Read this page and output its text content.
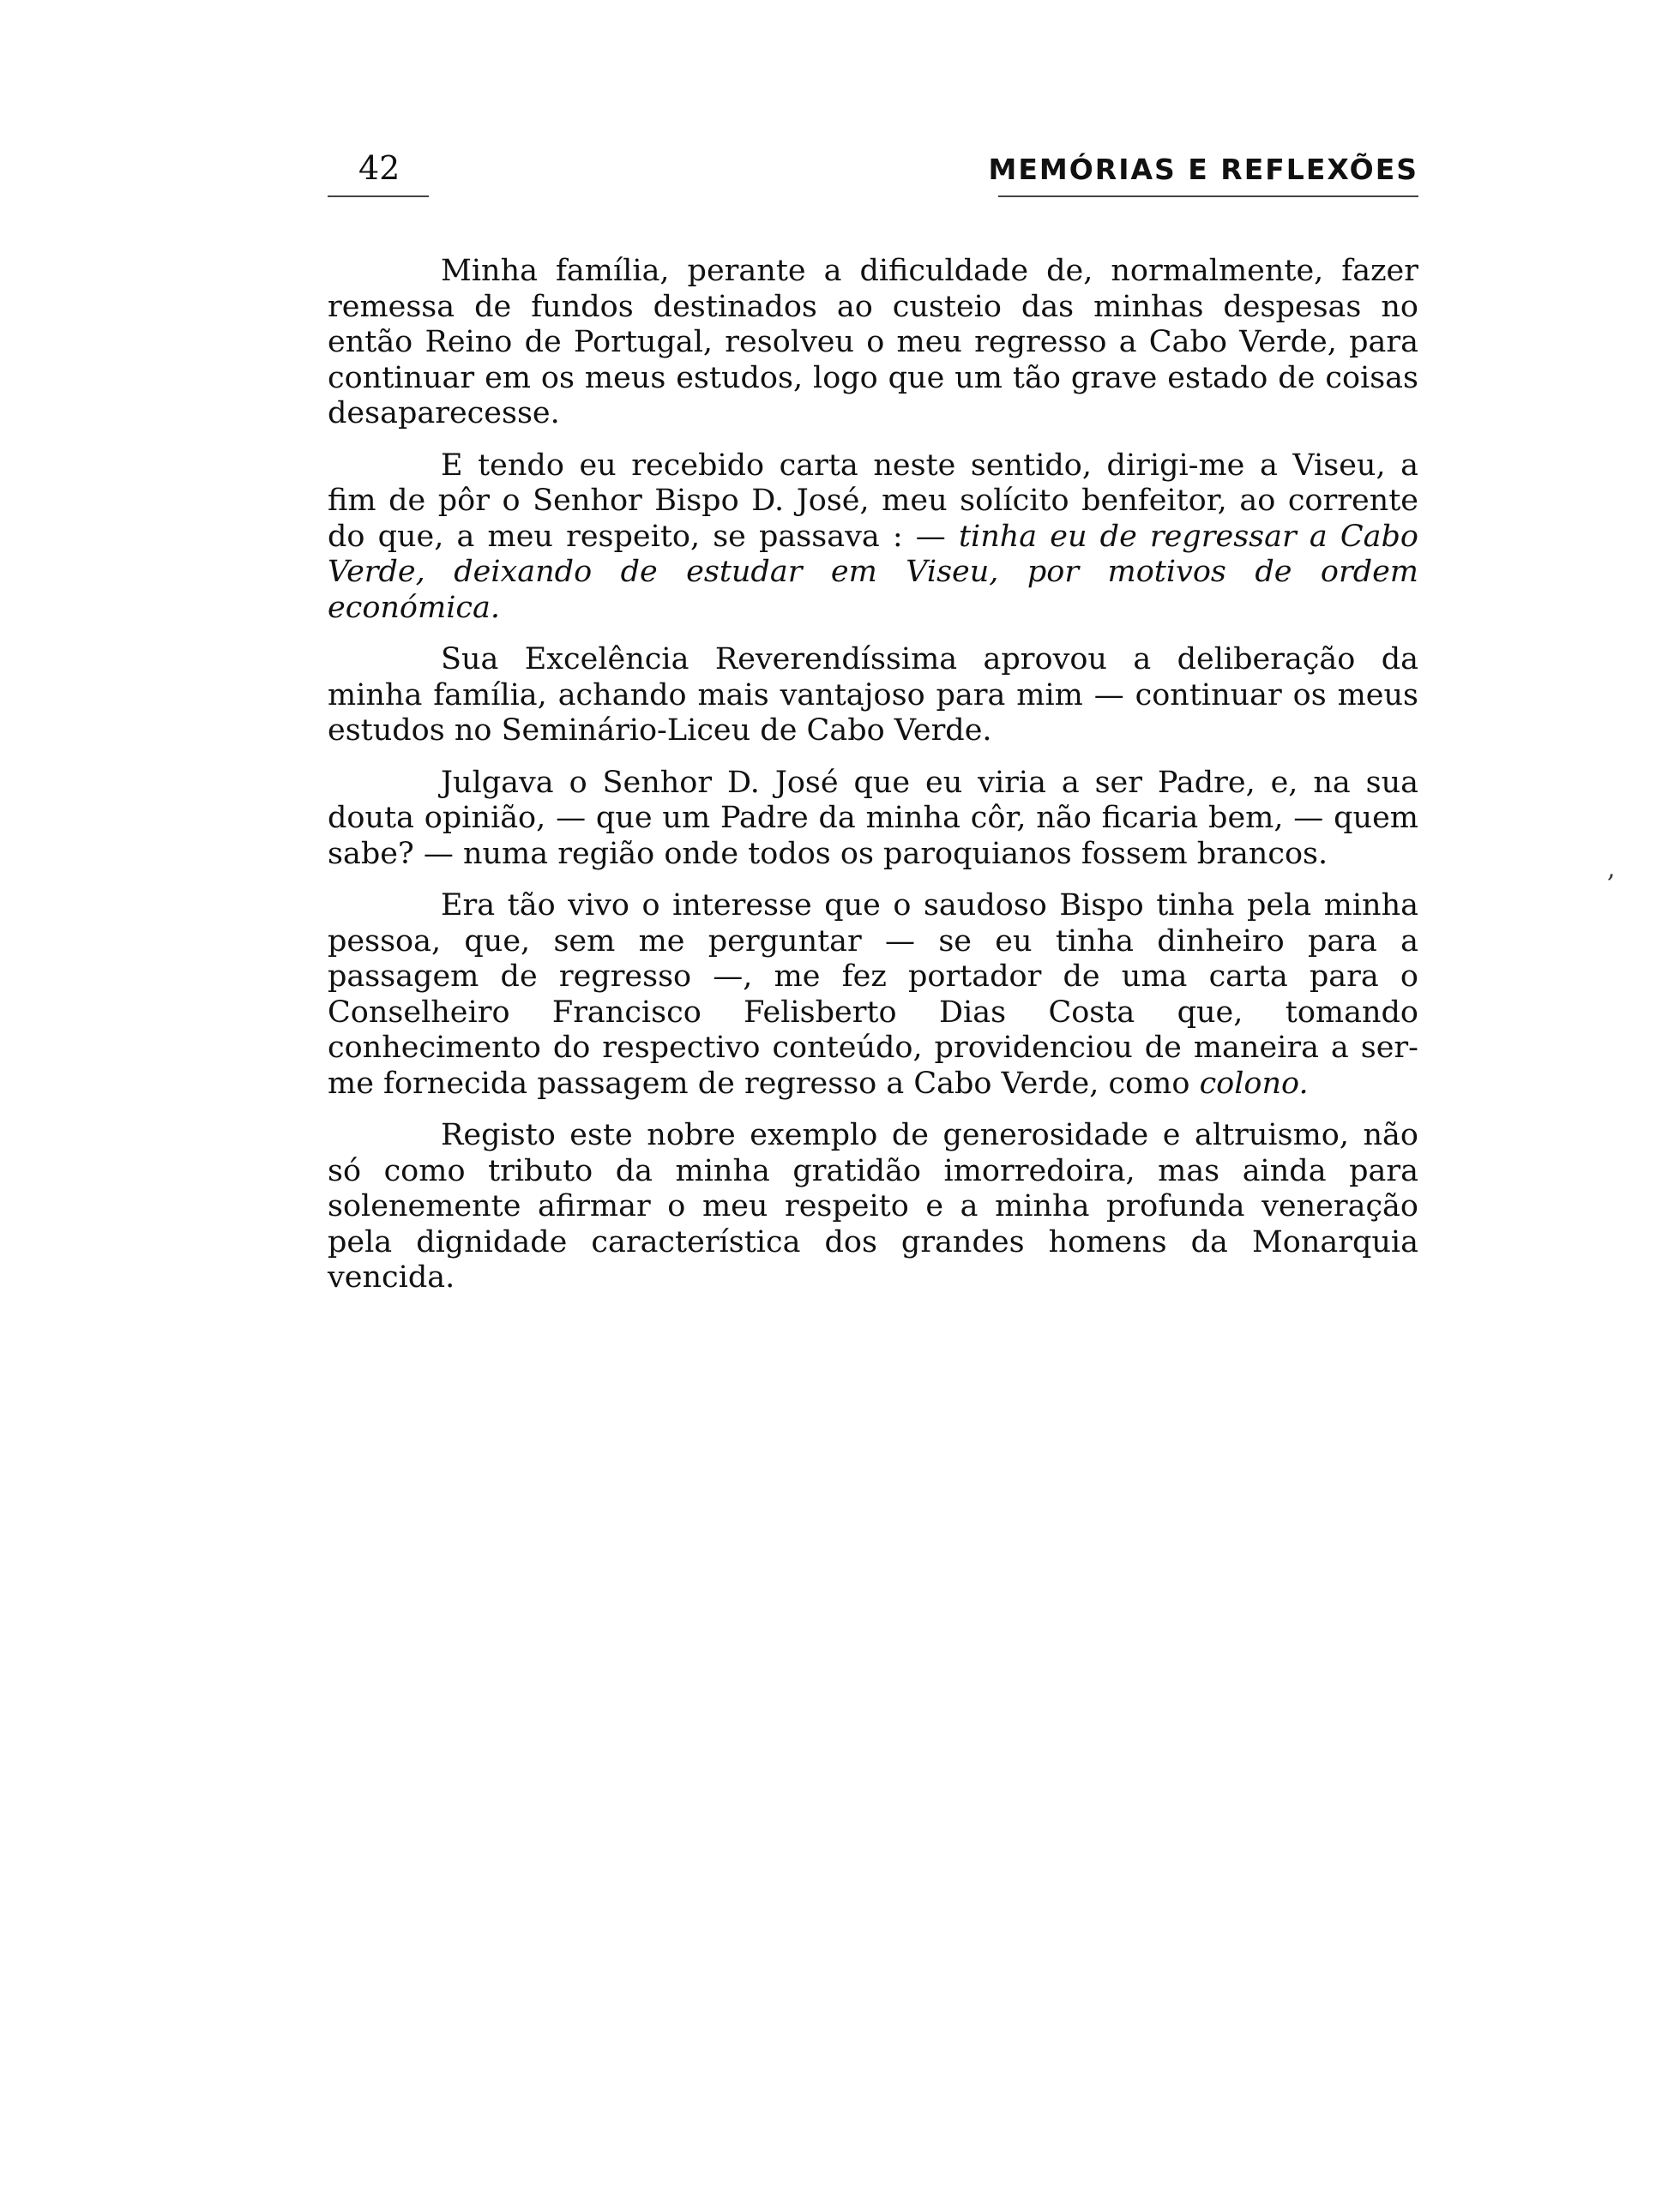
42	MEMÓRIAS E REFLEXÕES

Minha família, perante a dificuldade de, normalmente, fazer remessa de fundos destinados ao custeio das minhas despesas no então Reino de Portugal, resolveu o meu regresso a Cabo Verde, para continuar em os meus estudos, logo que um tão grave estado de coisas desaparecesse.

E tendo eu recebido carta neste sentido, dirigi-me a Viseu, a fim de pôr o Senhor Bispo D. José, meu solícito benfeitor, ao corrente do que, a meu respeito, se passava : — tinha eu de regressar a Cabo Verde, deixando de estudar em Viseu, por motivos de ordem económica.

Sua Excelência Reverendíssima aprovou a deliberação da minha família, achando mais vantajoso para mim — continuar os meus estudos no Seminário-Liceu de Cabo Verde.

Julgava o Senhor D. José que eu viria a ser Padre, e, na sua douta opinião, — que um Padre da minha côr, não ficaria bem, — quem sabe? — numa região onde todos os paroquianos fossem brancos.

Era tão vivo o interesse que o saudoso Bispo tinha pela minha pessoa, que, sem me perguntar — se eu tinha dinheiro para a passagem de regresso —, me fez portador de uma carta para o Conselheiro Francisco Felisberto Dias Costa que, tomando conhecimento do respectivo conteúdo, providenciou de maneira a ser-me fornecida passagem de regresso a Cabo Verde, como colono.

Registo este nobre exemplo de generosidade e altruismo, não só como tributo da minha gratidão imorredoira, mas ainda para solenemente afirmar o meu respeito e a minha profunda veneração pela dignidade característica dos grandes homens da Monarquia vencida.

,
